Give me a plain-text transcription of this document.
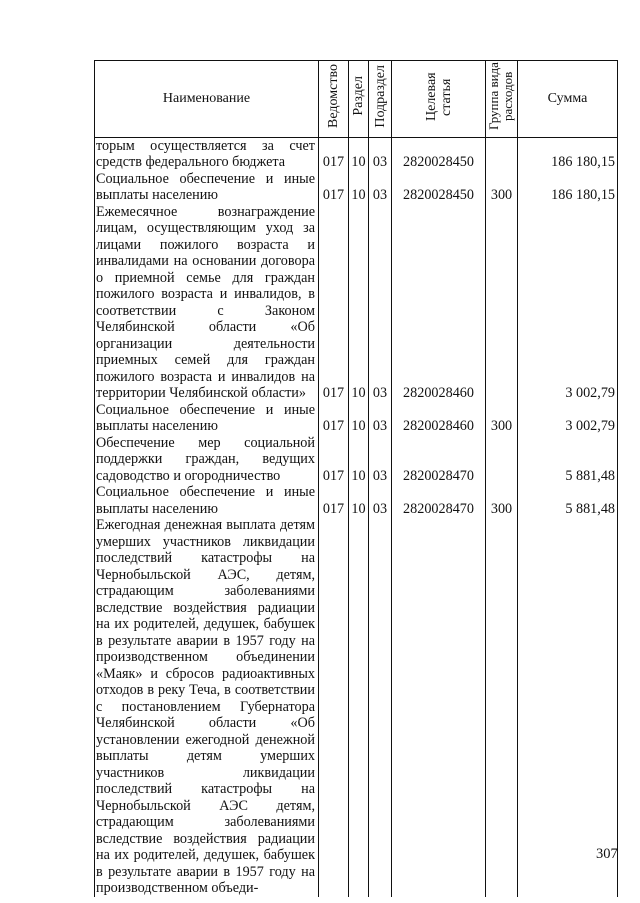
Наименование	Ведомство	Раздел	Подраздел	Целевая статья	Группа вида расходов	Сумма
торым осуществляется за счет средств федерального бюджета	017	10	03	2820028450		186 180,15
Социальное обеспечение и иные выплаты населению	017	10	03	2820028450	300	186 180,15
Ежемесячное вознаграждение лицам, осуществляющим уход за лицами пожилого возраста и инвалидами на основании договора о приемной семье для граждан пожилого возраста и инвалидов, в соответствии с Законом Челябинской области «Об организации деятельности приемных семей для граждан пожилого возраста и инвалидов на территории Челябинской области»	017	10	03	2820028460		3 002,79
Социальное обеспечение и иные выплаты населению	017	10	03	2820028460	300	3 002,79
Обеспечение мер социальной поддержки граждан, ведущих садоводство и огородничество	017	10	03	2820028470		5 881,48
Социальное обеспечение и иные выплаты населению	017	10	03	2820028470	300	5 881,48
Ежегодная денежная выплата детям умерших участников ликвидации последствий катастрофы на Чернобыльской АЭС, детям, страдающим заболеваниями вследствие воздействия радиации на их родителей, дедушек, бабушек в результате аварии в 1957 году на производственном объединении «Маяк» и сбросов радиоактивных отходов в реку Теча, в соответствии с постановлением Губернатора Челябинской области «Об установлении ежегодной денежной выплаты детям умерших участников ликвидации последствий катастрофы на Чернобыльской АЭС детям, страдающим заболеваниями вследствие воздействия радиации на их родителей, дедушек, бабушек в результате аварии в 1957 году на производственном объеди-						
307
